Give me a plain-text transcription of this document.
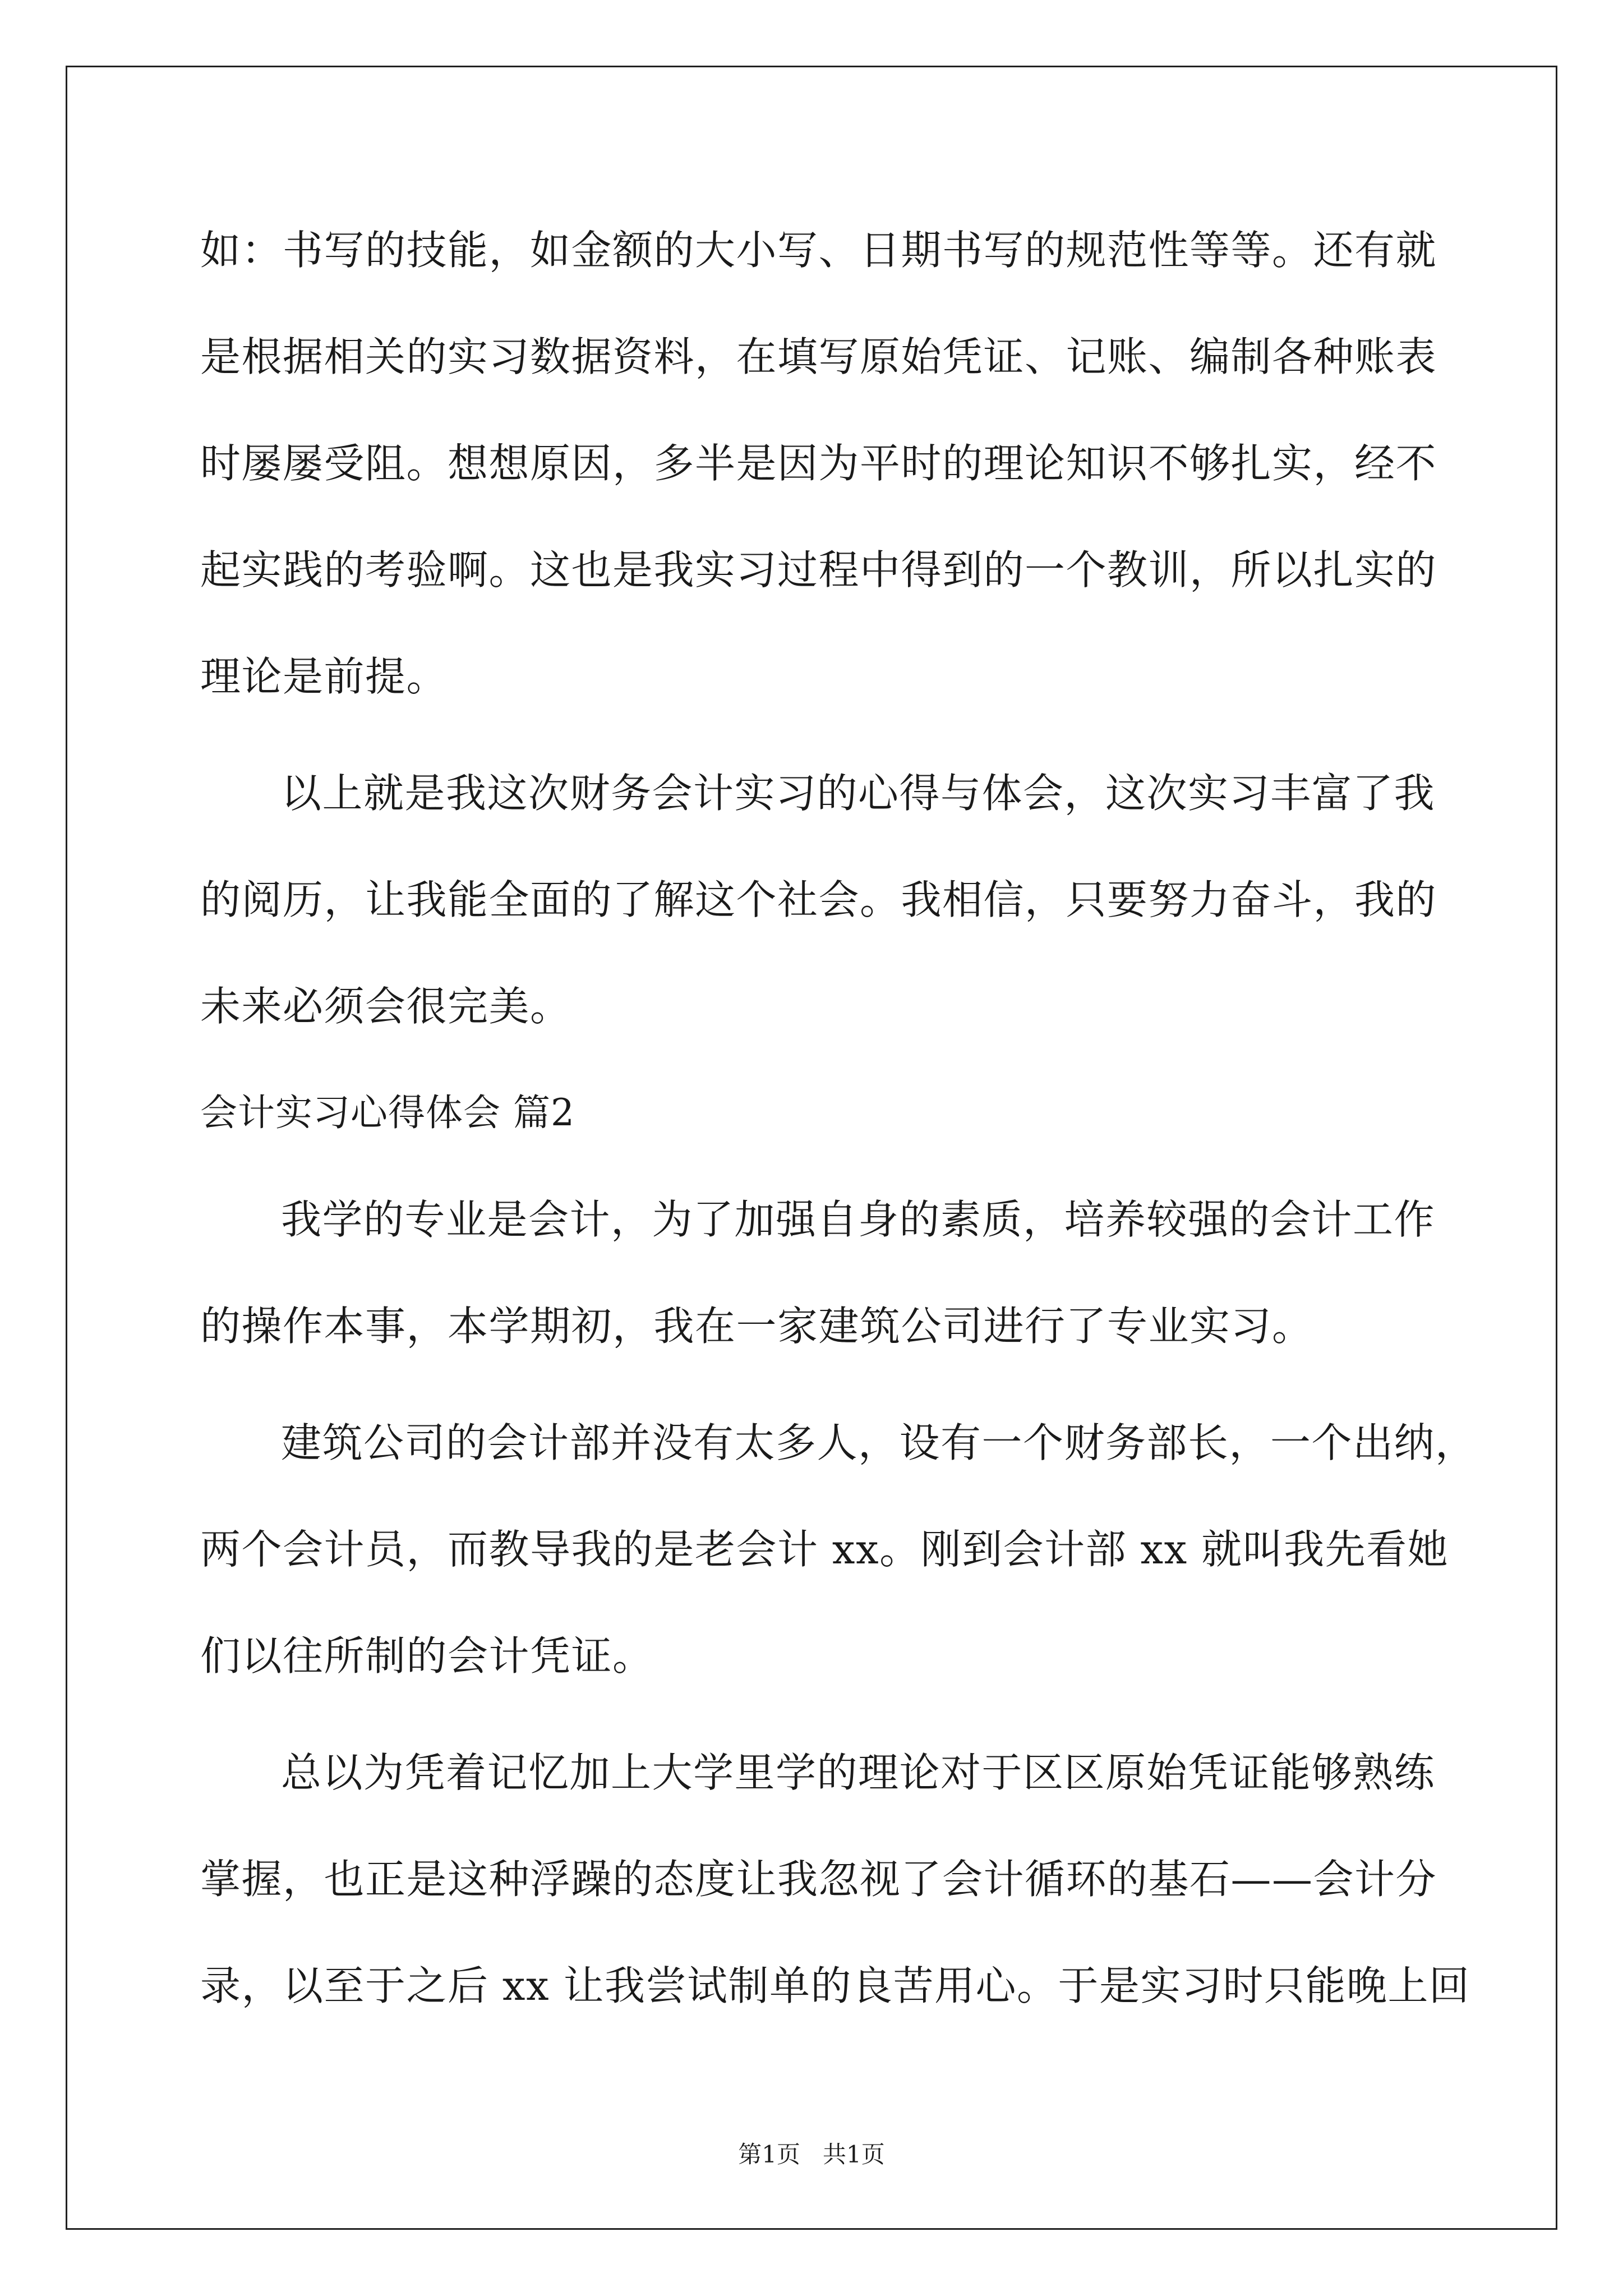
如：书写的技能，如金额的大小写、日期书写的规范性等等。还有就
是根据相关的实习数据资料，在填写原始凭证、记账、编制各种账表
时屡屡受阻。想想原因，多半是因为平时的理论知识不够扎实，经不
起实践的考验啊。这也是我实习过程中得到的一个教训，所以扎实的
理论是前提。
以上就是我这次财务会计实习的心得与体会，这次实习丰富了我
的阅历，让我能全面的了解这个社会。我相信，只要努力奋斗，我的
未来必须会很完美。
会计实习心得体会 篇2
我学的专业是会计，为了加强自身的素质，培养较强的会计工作
的操作本事，本学期初，我在一家建筑公司进行了专业实习。
建筑公司的会计部并没有太多人，设有一个财务部长，一个出纳，
两个会计员，而教导我的是老会计 xx。刚到会计部 xx 就叫我先看她
们以往所制的会计凭证。
总以为凭着记忆加上大学里学的理论对于区区原始凭证能够熟练
掌握，也正是这种浮躁的态度让我忽视了会计循环的基石——会计分
录，以至于之后 xx 让我尝试制单的良苦用心。于是实习时只能晚上回
第1页   共1页
